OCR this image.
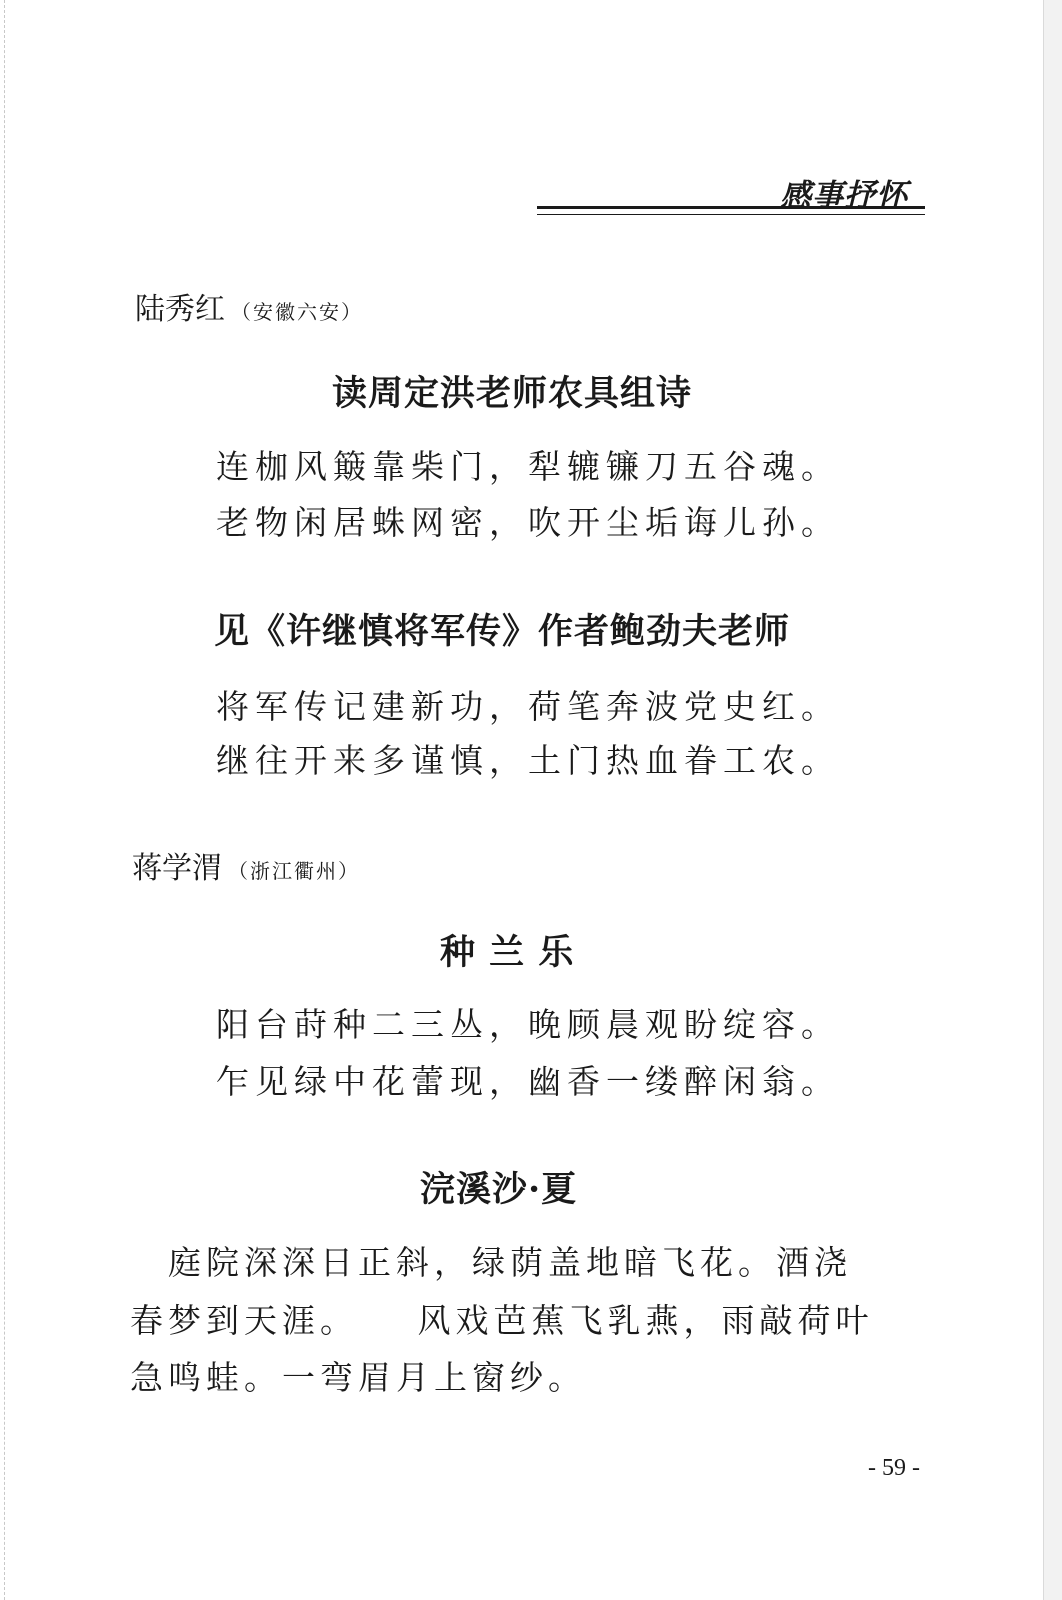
感事抒怀
陆秀红 （安徽六安）
读周定洪老师农具组诗
连枷风簸靠柴门，犁辘镰刀五谷魂。
老物闲居蛛网密，吹开尘垢诲儿孙。
见《许继慎将军传》作者鲍劲夫老师
将军传记建新功，荷笔奔波党史红。
继往开来多谨慎，土门热血眷工农。
蒋学渭 （浙江衢州）
种 兰 乐
阳台莳种二三丛，晚顾晨观盼绽容。
乍见绿中花蕾现，幽香一缕醉闲翁。
浣溪沙·夏
　庭院深深日正斜，绿荫盖地暗飞花。酒浇
春梦到天涯。　　风戏芭蕉飞乳燕，雨敲荷叶
急鸣蛙。一弯眉月上窗纱。
- 59 -
